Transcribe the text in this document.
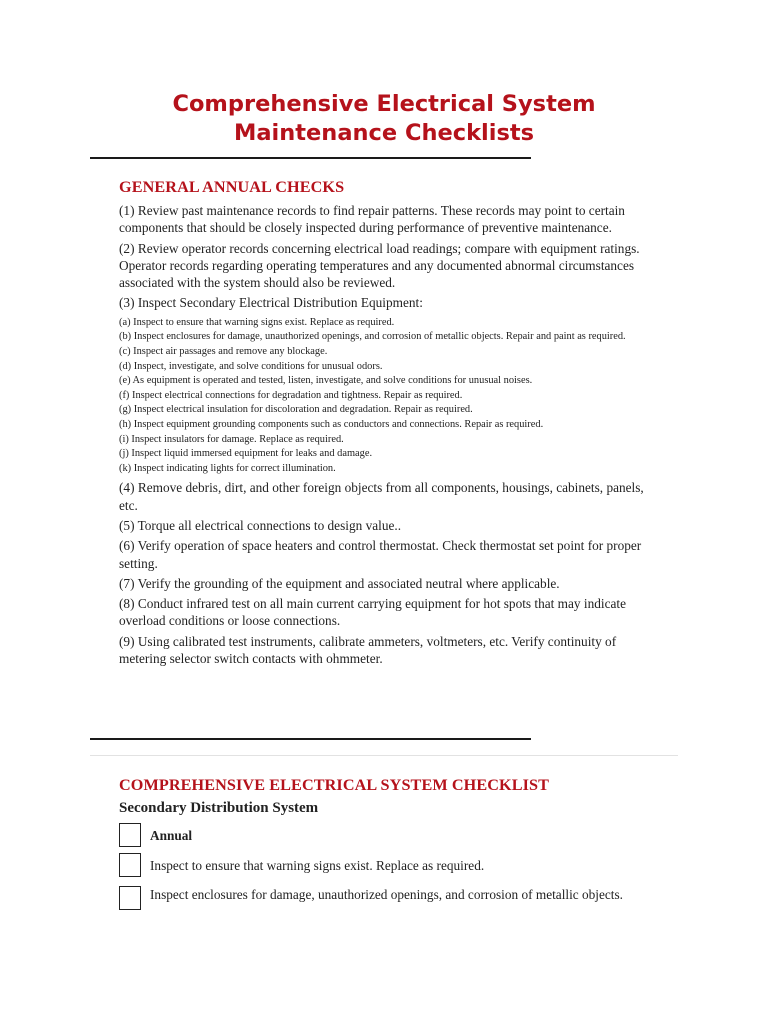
Comprehensive Electrical System
Maintenance Checklists
GENERAL ANNUAL CHECKS

(1) Review past maintenance records to find repair patterns. These records may point to certain components that should be closely inspected during performance of preventive maintenance.

(2) Review operator records concerning electrical load readings; compare with equipment ratings. Operator records regarding operating temperatures and any documented abnormal circumstances associated with the system should also be reviewed.

(3) Inspect Secondary Electrical Distribution Equipment:

(a) Inspect to ensure that warning signs exist. Replace as required.
(b) Inspect enclosures for damage, unauthorized openings, and corrosion of metallic objects. Repair and paint as required.
(c) Inspect air passages and remove any blockage.
(d) Inspect, investigate, and solve conditions for unusual odors.
(e) As equipment is operated and tested, listen, investigate, and solve conditions for unusual noises.
(f) Inspect electrical connections for degradation and tightness. Repair as required.
(g) Inspect electrical insulation for discoloration and degradation. Repair as required.
(h) Inspect equipment grounding components such as conductors and connections. Repair as required.
(i) Inspect insulators for damage. Replace as required.
(j) Inspect liquid immersed equipment for leaks and damage.
(k) Inspect indicating lights for correct illumination.

(4) Remove debris, dirt, and other foreign objects from all components, housings, cabinets, panels, etc.

(5) Torque all electrical connections to design value..

(6) Verify operation of space heaters and control thermostat. Check thermostat set point for proper setting.

(7) Verify the grounding of the equipment and associated neutral where applicable.

(8) Conduct infrared test on all main current carrying equipment for hot spots that may indicate overload conditions or loose connections.

(9) Using calibrated test instruments, calibrate ammeters, voltmeters, etc. Verify continuity of metering selector switch contacts with ohmmeter.

COMPREHENSIVE ELECTRICAL SYSTEM CHECKLIST
Secondary Distribution System
Annual
Inspect to ensure that warning signs exist. Replace as required.
Inspect enclosures for damage, unauthorized openings, and corrosion of metallic objects.
